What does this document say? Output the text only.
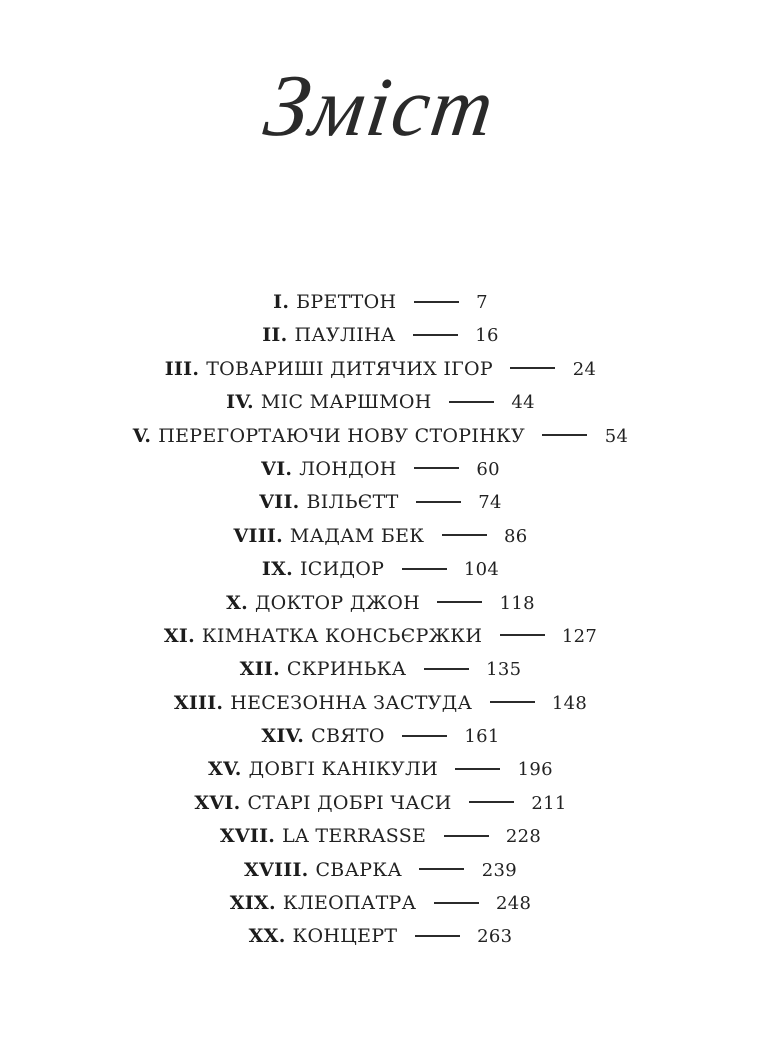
Зміст
I. БРЕТТОН	7
II. ПАУЛІНА	16
III. ТОВАРИШІ ДИТЯЧИХ ІГОР	24
IV. МІС МАРШМОН	44
V. ПЕРЕГОРТАЮЧИ НОВУ СТОРІНКУ	54
VI. ЛОНДОН	60
VII. ВІЛЬЄТТ	74
VIII. МАДАМ БЕК	86
IX. ІСИДОР	104
X. ДОКТОР ДЖОН	118
XI. КІМНАТКА КОНСЬЄРЖКИ	127
XII. СКРИНЬКА	135
XIII. НЕСЕЗОННА ЗАСТУДА	148
XIV. СВЯТО	161
XV. ДОВГІ КАНІКУЛИ	196
XVI. СТАРІ ДОБРІ ЧАСИ	211
XVII. LA TERRASSE	228
XVIII. СВАРКА	239
XIX. КЛЕОПАТРА	248
XX. КОНЦЕРТ	263
